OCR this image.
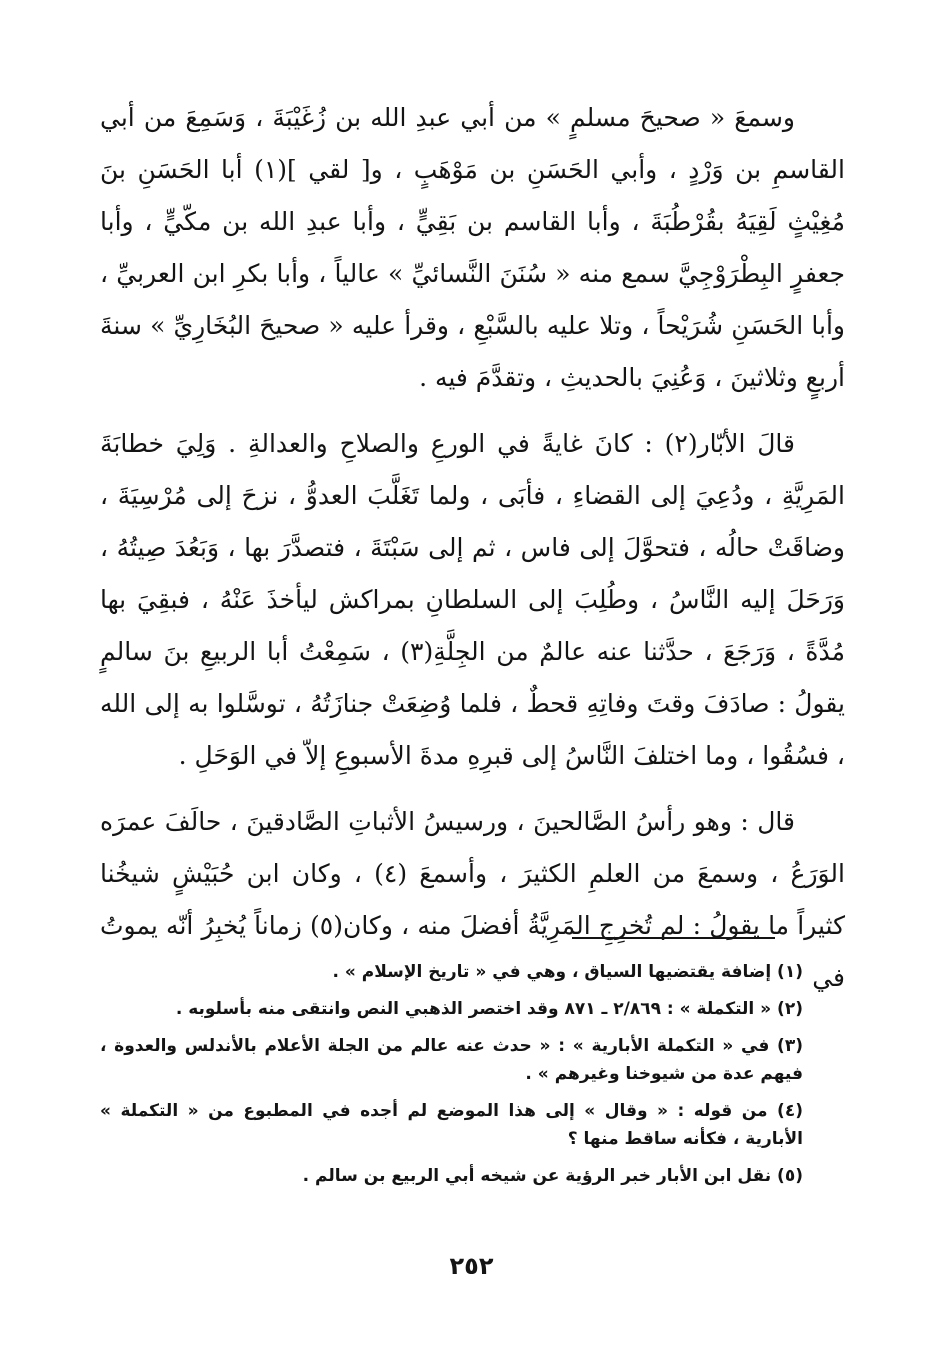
وسمعَ « صحيحَ مسلمٍ » من أبي عبدِ الله بن زُغَيْبَةَ ، وَسَمِعَ من أبي القاسمِ بن وَرْدٍ ، وأبي الحَسَنِ بن مَوْهَبٍ ، و[ لقي ](١) أبا الحَسَنِ بنَ مُغِيْثٍ لَقِيَهُ بقُرْطُبَةَ ، وأبا القاسم بن بَقِيٍّ ، وأبا عبدِ الله بن مكّيٍّ ، وأبا جعفرٍ البِطْرَوْجِيَّ سمع منه « سُنَنَ النَّسائيِّ » عالياً ، وأبا بكرِ ابن العربيِّ ، وأبا الحَسَنِ شُرَيْحاً ، وتلا عليه بالسَّبْعِ ، وقرأ عليه « صحيحَ البُخَارِيِّ » سنةَ أربعٍ وثلاثينَ ، وَعُنِيَ بالحديثِ ، وتقدَّمَ فيه .

قالَ الأبّار(٢) : كانَ غايةً في الورعِ والصلاحِ والعدالةِ . وَلِيَ خطابَةَ المَرِيَّةِ ، ودُعِيَ إلى القضاءِ ، فأبَى ، ولما تَغَلَّبَ العدوُّ ، نزحَ إلى مُرْسِيَةَ ، وضاقَتْ حالُه ، فتحوَّلَ إلى فاس ، ثم إلى سَبْتَةَ ، فتصدَّرَ بها ، وَبَعُدَ صِيتُهُ ، وَرَحَلَ إليه النَّاسُ ، وطُلِبَ إلى السلطانِ بمراكش ليأخذَ عَنْهُ ، فبقِيَ بها مُدَّةً ، وَرَجَعَ ، حدَّثنا عنه عالمٌ من الجِلَّةِ(٣) ، سَمِعْتُ أبا الربيعِ بنَ سالمٍ يقولُ : صادَفَ وقتَ وفاتِهِ قحطٌ ، فلما وُضِعَتْ جنازَتُهُ ، توسَّلوا به إلى الله ، فسُقُوا ، وما اختلفَ النَّاسُ إلى قبرِهِ مدةَ الأسبوعِ إلاّ في الوَحَلِ .

قال : وهو رأسُ الصَّالحينَ ، ورسيسُ الأثباتِ الصَّادقينَ ، حالَفَ عمرَه الوَرَعُ ، وسمعَ من العلمِ الكثيرَ ، وأسمعَ (٤) ، وكان ابن حُبَيْشٍ شيخُنا كثيراً ما يقولُ : لم تُخرِجِ المَرِيَّةُ أفضلَ منه ، وكان(٥) زماناً يُخبِرُ أنّه يموتُ في

(١) إضافة يقتضيها السياق ، وهي في « تاريخ الإسلام » .

(٢) « التكملة » : ٢/٨٦٩ ـ ٨٧١ وقد اختصر الذهبي النص وانتقى منه بأسلوبه .

(٣) في « التكملة الأبارية » : « حدث عنه عالم من الجلة الأعلام بالأندلس والعدوة ، فيهم عدة من شيوخنا وغيرهم » .

(٤) من قوله : « وقال » إلى هذا الموضع لم أجده في المطبوع من « التكملة » الأبارية ، فكأنه ساقط منها ؟

(٥) نقل ابن الأبار خبر الرؤية عن شيخه أبي الربيع بن سالم .

٢٥٢
